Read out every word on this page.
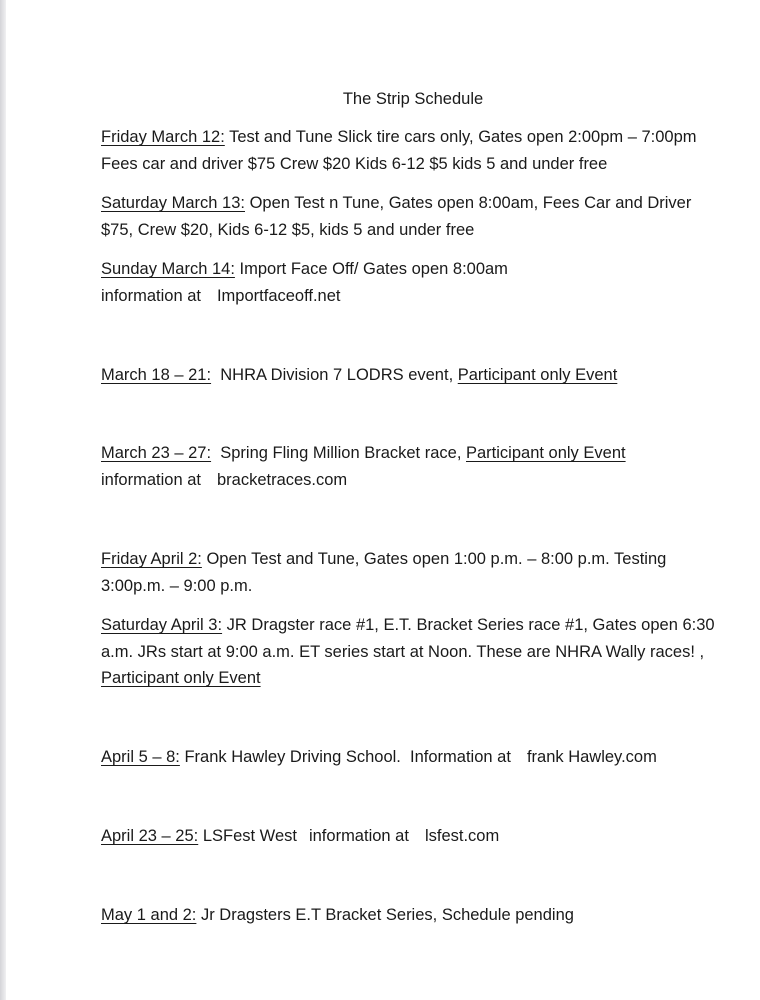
The Strip Schedule
Friday March 12: Test and Tune Slick tire cars only, Gates open 2:00pm – 7:00pm
Fees car and driver $75 Crew $20 Kids 6-12 $5 kids 5 and under free
Saturday March 13: Open Test n Tune, Gates open 8:00am, Fees Car and Driver
$75, Crew $20, Kids 6-12 $5, kids 5 and under free
Sunday March 14: Import Face Off/ Gates open 8:00am
information at Importfaceoff.net
March 18 – 21:  NHRA Division 7 LODRS event, Participant only Event
March 23 – 27:  Spring Fling Million Bracket race, Participant only Event
information at bracketraces.com
Friday April 2: Open Test and Tune, Gates open 1:00 p.m. – 8:00 p.m. Testing
3:00p.m. – 9:00 p.m.
Saturday April 3: JR Dragster race #1, E.T. Bracket Series race #1, Gates open 6:30
a.m. JRs start at 9:00 a.m. ET series start at Noon. These are NHRA Wally races! ,
Participant only Event
April 5 – 8: Frank Hawley Driving School.  Information at frank Hawley.com
April 23 – 25: LSFest West information at lsfest.com
May 1 and 2: Jr Dragsters E.T Bracket Series, Schedule pending
